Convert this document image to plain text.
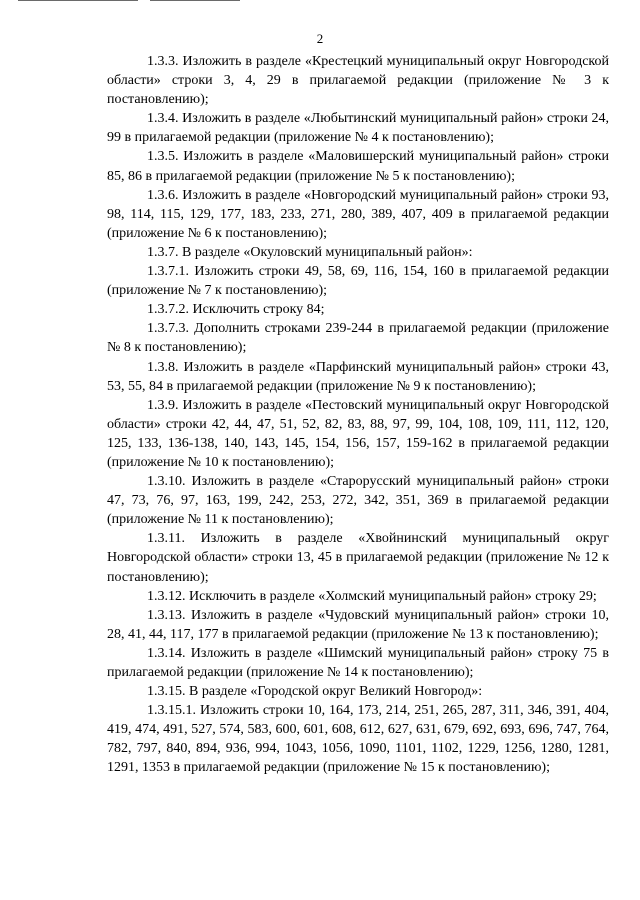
2

1.3.3. Изложить в разделе «Крестецкий муниципальный округ Новгородской области» строки 3, 4, 29 в прилагаемой редакции (приложение № 3 к постановлению);

1.3.4. Изложить в разделе «Любытинский муниципальный район» строки 24, 99 в прилагаемой редакции (приложение № 4 к постановлению);

1.3.5. Изложить в разделе «Маловишерский муниципальный район» строки 85, 86 в прилагаемой редакции (приложение № 5 к постановлению);

1.3.6. Изложить в разделе «Новгородский муниципальный район» строки 93, 98, 114, 115, 129, 177, 183, 233, 271, 280, 389, 407, 409 в прилагаемой редакции (приложение № 6 к постановлению);

1.3.7. В разделе «Окуловский муниципальный район»:

1.3.7.1. Изложить строки 49, 58, 69, 116, 154, 160 в прилагаемой редакции (приложение № 7 к постановлению);

1.3.7.2. Исключить строку 84;

1.3.7.3. Дополнить строками 239-244 в прилагаемой редакции (приложение № 8 к постановлению);

1.3.8. Изложить в разделе «Парфинский муниципальный район» строки 43, 53, 55, 84 в прилагаемой редакции (приложение № 9 к постановлению);

1.3.9. Изложить в разделе «Пестовский муниципальный округ Новгородской области» строки 42, 44, 47, 51, 52, 82, 83, 88, 97, 99, 104, 108, 109, 111, 112, 120, 125, 133, 136-138, 140, 143, 145, 154, 156, 157, 159-162 в прилагаемой редакции (приложение № 10 к постановлению);

1.3.10. Изложить в разделе «Старорусский муниципальный район» строки 47, 73, 76, 97, 163, 199, 242, 253, 272, 342, 351, 369 в прилагаемой редакции (приложение № 11 к постановлению);

1.3.11. Изложить в разделе «Хвойнинский муниципальный округ Новгородской области» строки 13, 45 в прилагаемой редакции (приложение № 12 к постановлению);

1.3.12. Исключить в разделе «Холмский муниципальный район» строку 29;

1.3.13. Изложить в разделе «Чудовский муниципальный район» строки 10, 28, 41, 44, 117, 177 в прилагаемой редакции (приложение № 13 к постановлению);

1.3.14. Изложить в разделе «Шимский муниципальный район» строку 75 в прилагаемой редакции (приложение № 14 к постановлению);

1.3.15. В разделе «Городской округ Великий Новгород»:

1.3.15.1. Изложить строки 10, 164, 173, 214, 251, 265, 287, 311, 346, 391, 404, 419, 474, 491, 527, 574, 583, 600, 601, 608, 612, 627, 631, 679, 692, 693, 696, 747, 764, 782, 797, 840, 894, 936, 994, 1043, 1056, 1090, 1101, 1102, 1229, 1256, 1280, 1281, 1291, 1353 в прилагаемой редакции (приложение № 15 к постановлению);
